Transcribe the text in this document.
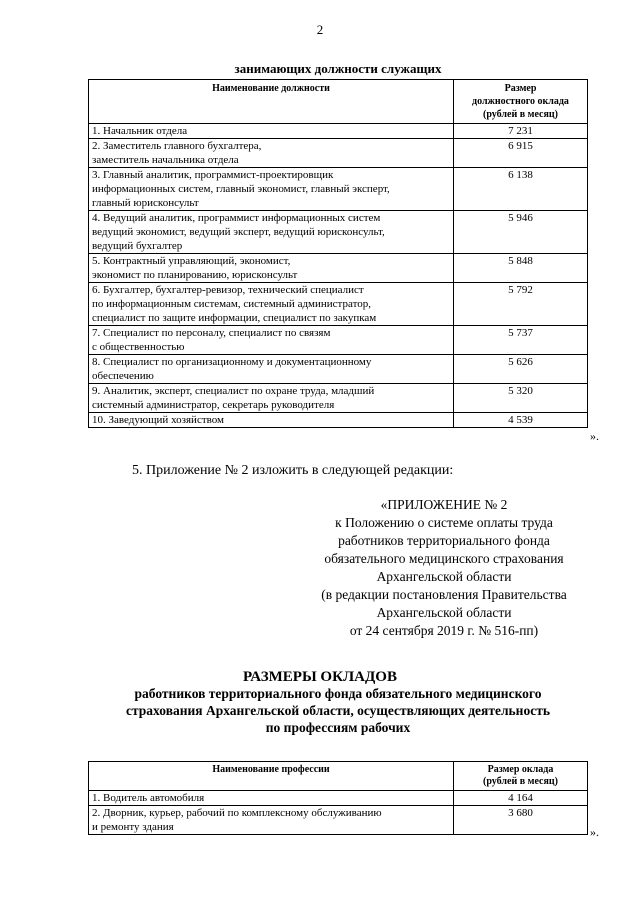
2
занимающих должности служащих
Наименование должности	Размер
должностного оклада
(рублей в месяц)

1. Начальник отдела	7 231

2. Заместитель главного бухгалтера,
заместитель начальника отдела	6 915

3. Главный аналитик, программист-проектировщик
информационных систем, главный экономист, главный эксперт,
главный юрисконсульт	6 138

4. Ведущий аналитик, программист информационных систем
ведущий экономист, ведущий эксперт, ведущий юрисконсульт,
ведущий бухгалтер	5 946

5. Контрактный управляющий, экономист,
экономист по планированию, юрисконсульт	5 848

6. Бухгалтер, бухгалтер-ревизор, технический специалист
по информационным системам, системный администратор,
специалист по защите информации, специалист по закупкам	5 792

7. Специалист по персоналу, специалист по связям
с общественностью	5 737

8. Специалист по организационному и документационному
обеспечению	5 626

9. Аналитик, эксперт, специалист по охране труда, младший
системный администратор, секретарь руководителя	5 320

10. Заведующий хозяйством	4 539
».
5. Приложение № 2 изложить в следующей редакции:
«ПРИЛОЖЕНИЕ № 2
к Положению о системе оплаты труда
работников территориального фонда
обязательного медицинского страхования
Архангельской области
(в редакции постановления Правительства
Архангельской области
от 24 сентября 2019 г. № 516-пп)
РАЗМЕРЫ ОКЛАДОВ
работников территориального фонда обязательного медицинского
страхования Архангельской области, осуществляющих деятельность
по профессиям рабочих
Наименование профессии	Размер оклада
(рублей в месяц)

1. Водитель автомобиля	4 164

2. Дворник, курьер, рабочий по комплексному обслуживанию
и ремонту здания	3 680
».
